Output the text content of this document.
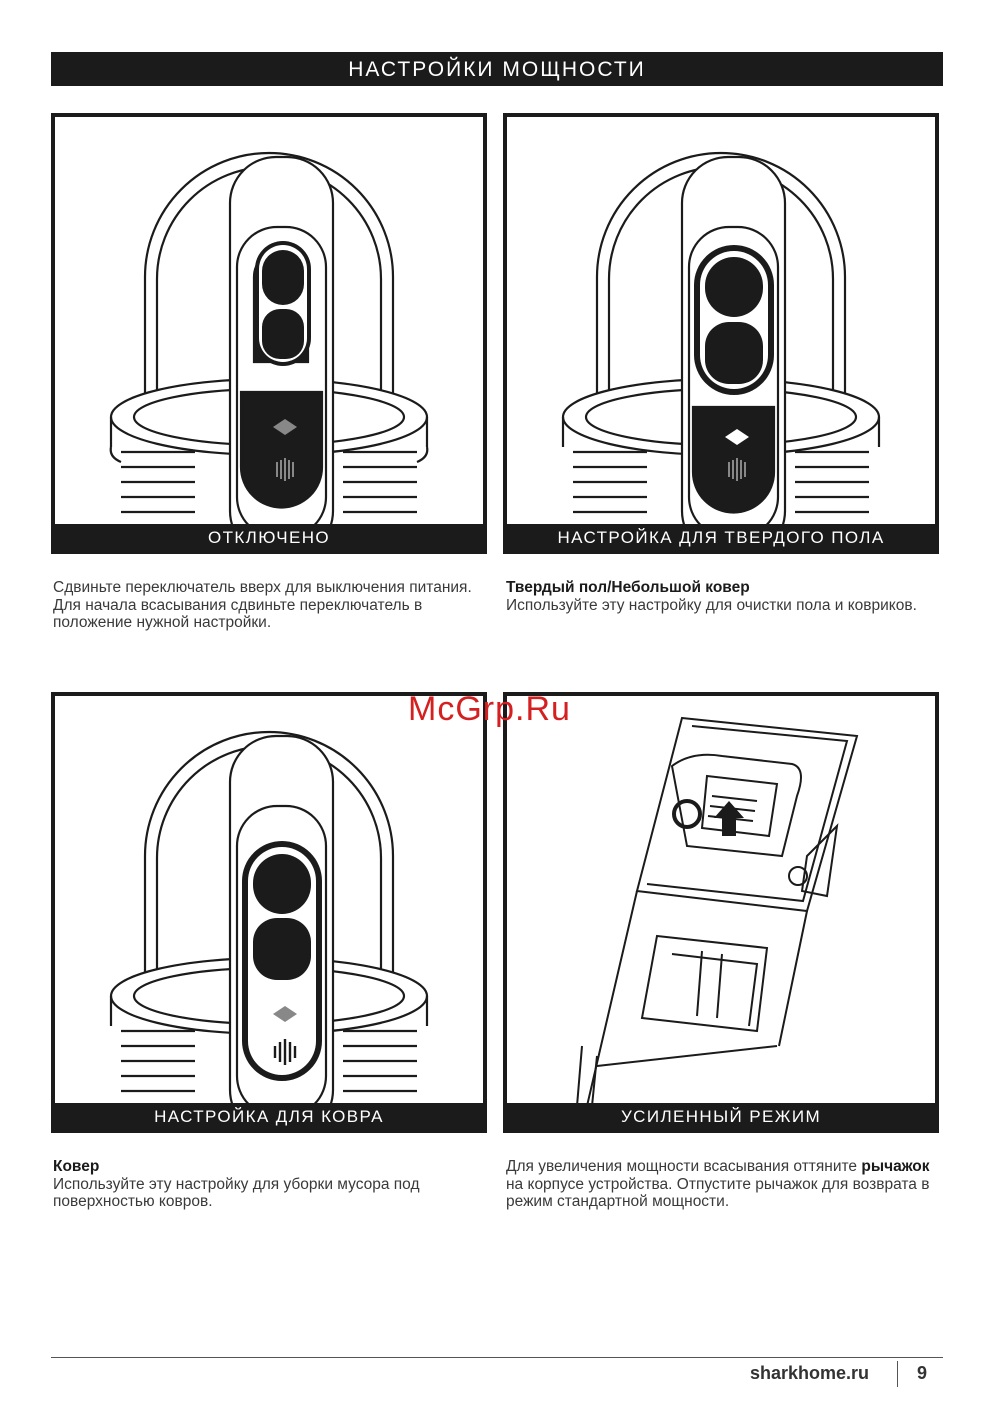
НАСТРОЙКИ МОЩНОСТИ
ОТКЛЮЧЕНО	НАСТРОЙКА ДЛЯ ТВЕРДОГО ПОЛА

Сдвиньте переключатель вверх для выключения питания.

Для начала всасывания сдвиньте переключатель в положение нужной настройки.

Твердый пол/Небольшой ковер

Используйте эту настройку для очистки пола и ковриков.

НАСТРОЙКА ДЛЯ КОВРА	УСИЛЕННЫЙ РЕЖИМ

Ковер

Используйте эту настройку для уборки мусора под поверхностью ковров.

Для увеличения мощности всасывания оттяните рычажок на корпусе устройства. Отпустите рычажок для возврата в режим стандартной мощности.

McGrp.Ru
sharkhome.ru	9
